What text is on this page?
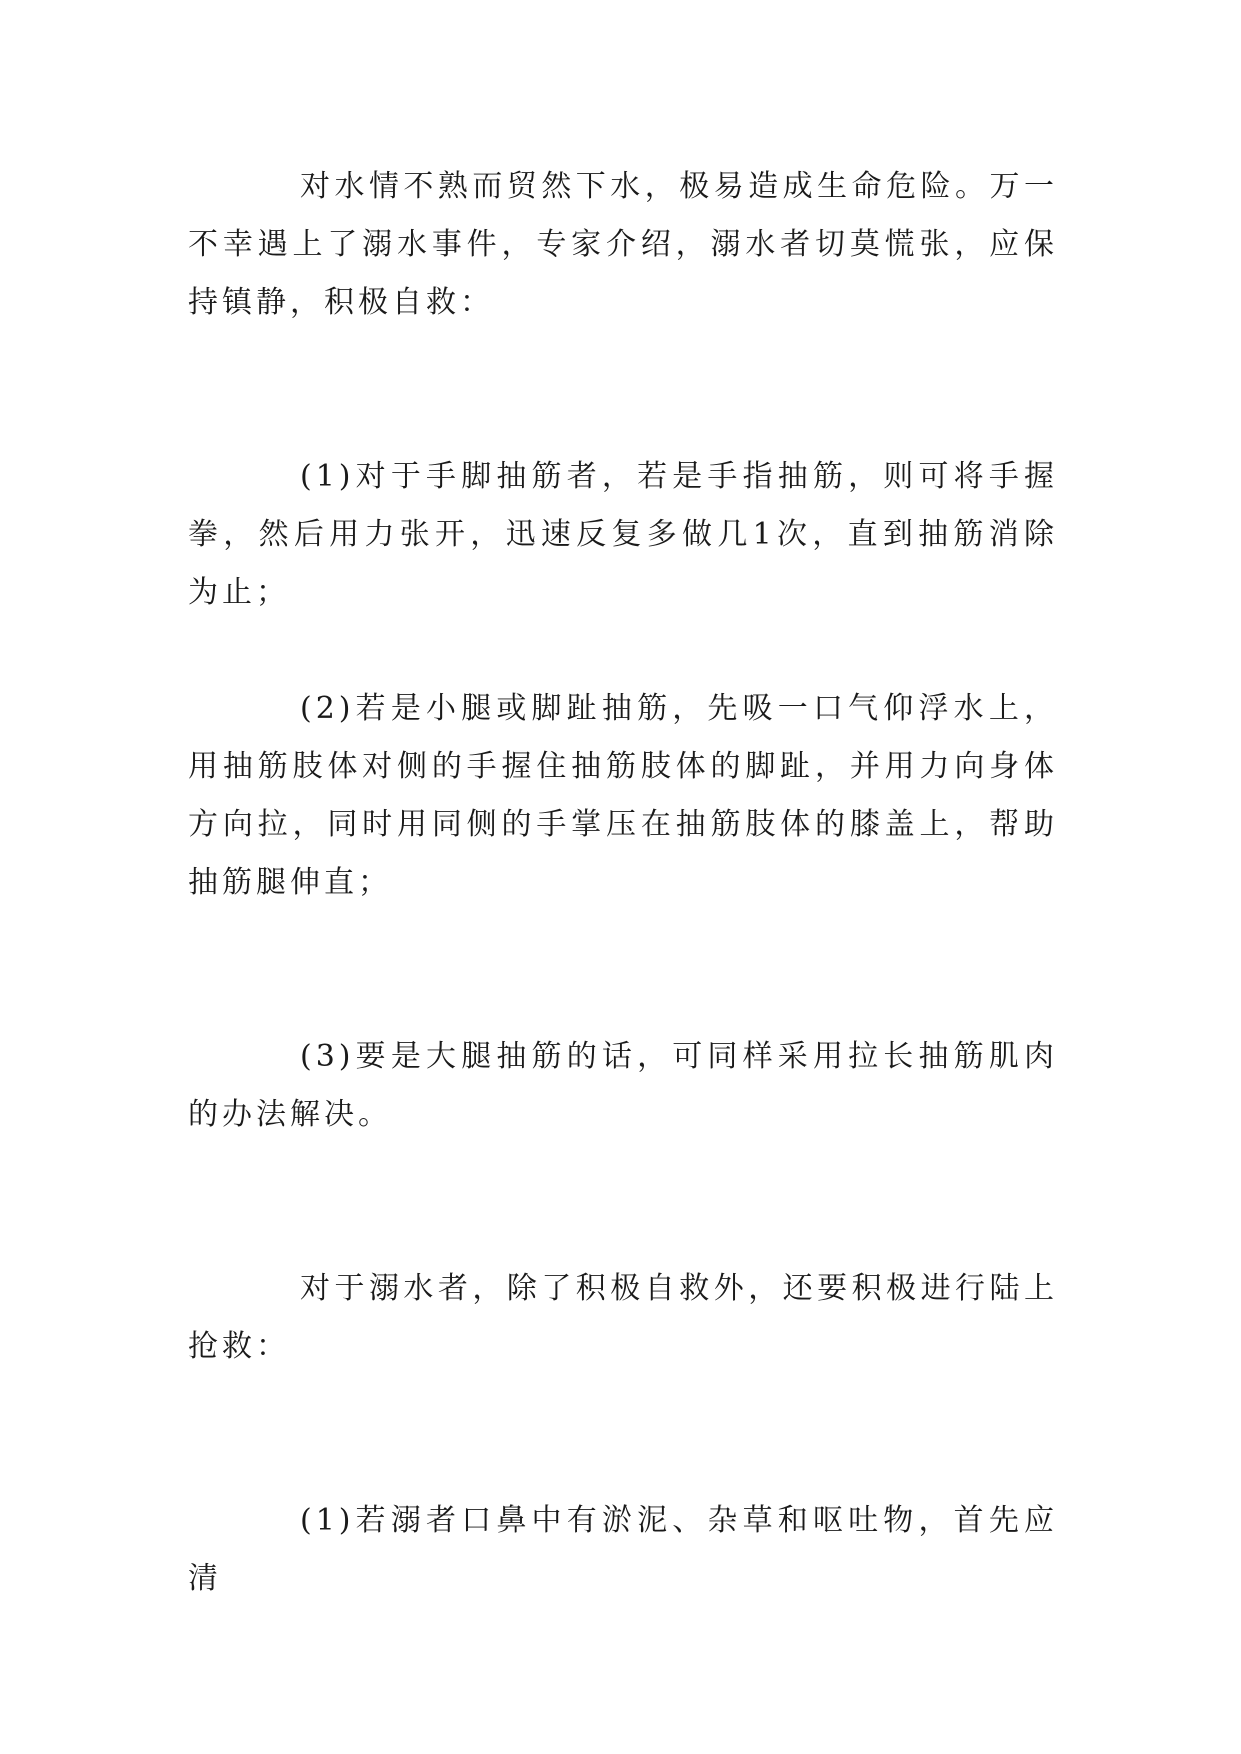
对水情不熟而贸然下水，极易造成生命危险。万一不幸遇上了溺水事件，专家介绍，溺水者切莫慌张，应保持镇静，积极自救：

(1)对于手脚抽筋者，若是手指抽筋，则可将手握拳，然后用力张开，迅速反复多做几1次，直到抽筋消除为止；

(2)若是小腿或脚趾抽筋，先吸一口气仰浮水上，用抽筋肢体对侧的手握住抽筋肢体的脚趾，并用力向身体方向拉，同时用同侧的手掌压在抽筋肢体的膝盖上，帮助抽筋腿伸直；

(3)要是大腿抽筋的话，可同样采用拉长抽筋肌肉的办法解决。

对于溺水者，除了积极自救外，还要积极进行陆上抢救：

(1)若溺者口鼻中有淤泥、杂草和呕吐物，首先应清
